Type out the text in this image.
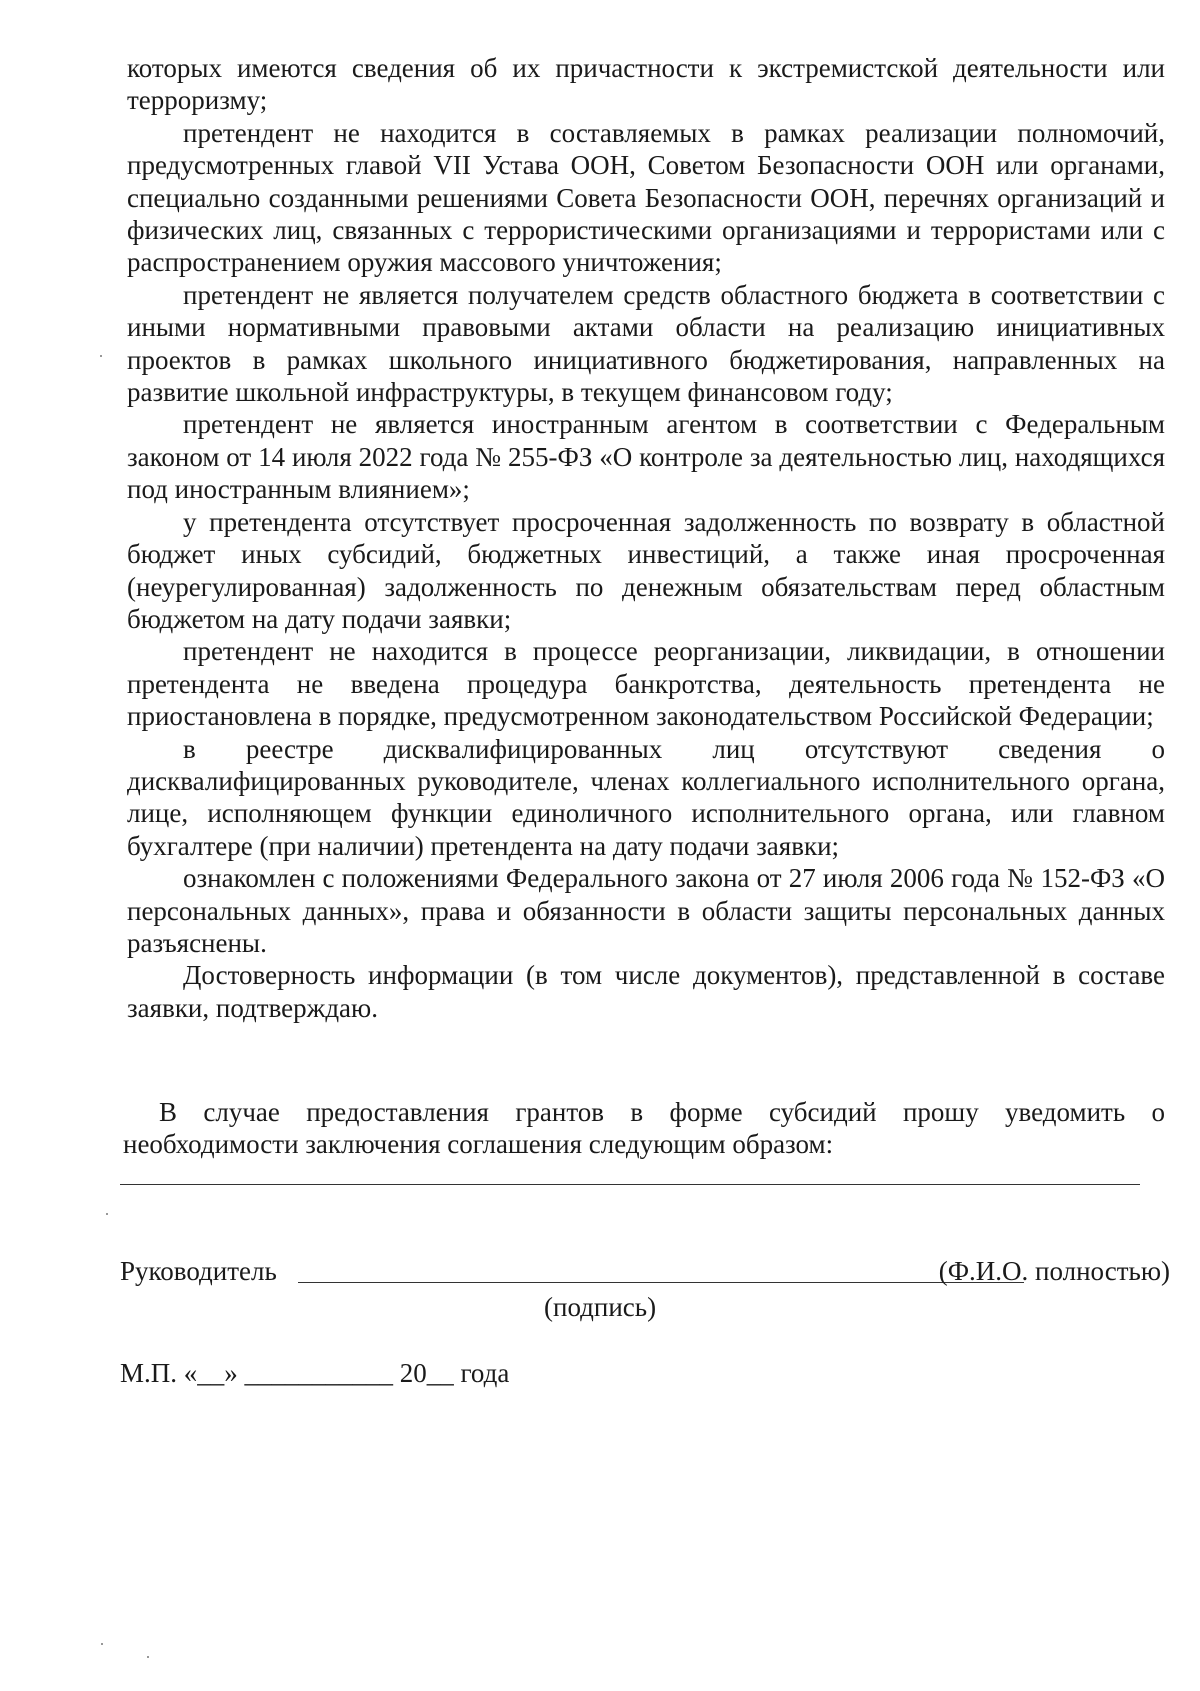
которых имеются сведения об их причастности к экстремистской деятельности или терроризму;

претендент не находится в составляемых в рамках реализации полномочий, предусмотренных главой VII Устава ООН, Советом Безопасности ООН или органами, специально созданными решениями Совета Безопасности ООН, перечнях организаций и физических лиц, связанных с террористическими организациями и террористами или с распространением оружия массового уничтожения;

претендент не является получателем средств областного бюджета в соответствии с иными нормативными правовыми актами области на реализацию инициативных проектов в рамках школьного инициативного бюджетирования, направленных на развитие школьной инфраструктуры, в текущем финансовом году;

претендент не является иностранным агентом в соответствии с Федеральным законом от 14 июля 2022 года № 255-ФЗ «О контроле за деятельностью лиц, находящихся под иностранным влиянием»;

у претендента отсутствует просроченная задолженность по возврату в областной бюджет иных субсидий, бюджетных инвестиций, а также иная просроченная (неурегулированная) задолженность по денежным обязательствам перед областным бюджетом на дату подачи заявки;

претендент не находится в процессе реорганизации, ликвидации, в отношении претендента не введена процедура банкротства, деятельность претендента не приостановлена в порядке, предусмотренном законодательством Российской Федерации;

в реестре дисквалифицированных лиц отсутствуют сведения о дисквалифицированных руководителе, членах коллегиального исполнительного органа, лице, исполняющем функции единоличного исполнительного органа, или главном бухгалтере (при наличии) претендента на дату подачи заявки;

ознакомлен с положениями Федерального закона от 27 июля 2006 года № 152-ФЗ «О персональных данных», права и обязанности в области защиты персональных данных разъяснены.

Достоверность информации (в том числе документов), представленной в составе заявки, подтверждаю.

В случае предоставления грантов в форме субсидий прошу уведомить о необходимости заключения соглашения следующим образом:

Руководитель	(Ф.И.О. полностью)
(подпись)
М.П. «__» ___________ 20__ года
